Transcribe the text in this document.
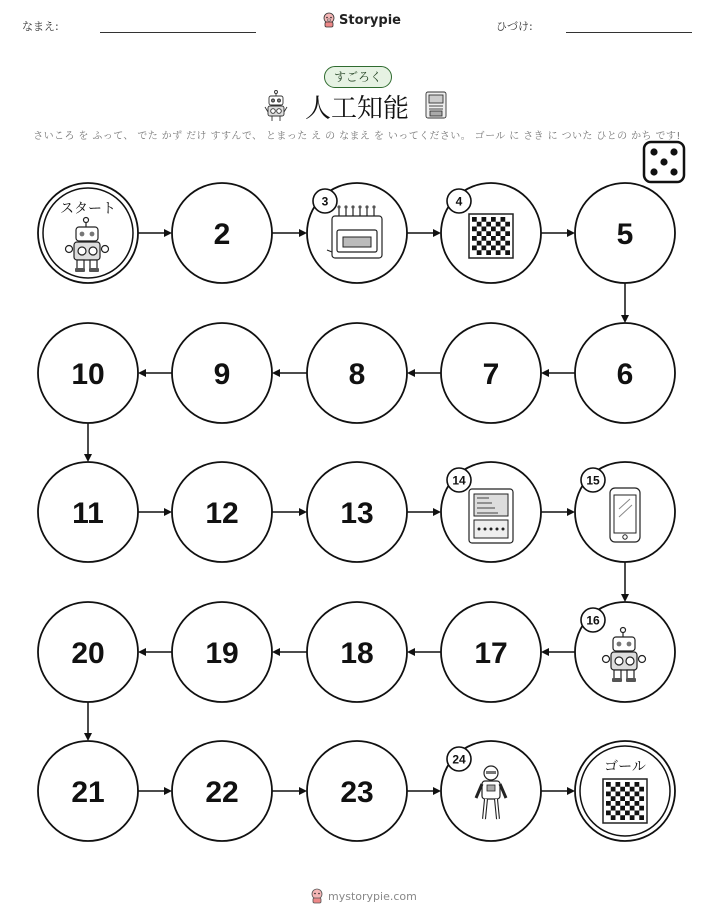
なまえ:	Storypie	ひづけ:
すごろく
人工知能
さいころ を ふって、 でた かず だけ すすんで、 とまった え の なまえ を いってください。 ゴール に さき に ついた ひとの かち です!
スタート
2
3	4
5
6
7
8
9
10
11	12	13
14	15
16
17
18
19
20
21	22	23
24	ゴール
mystorypie.com
